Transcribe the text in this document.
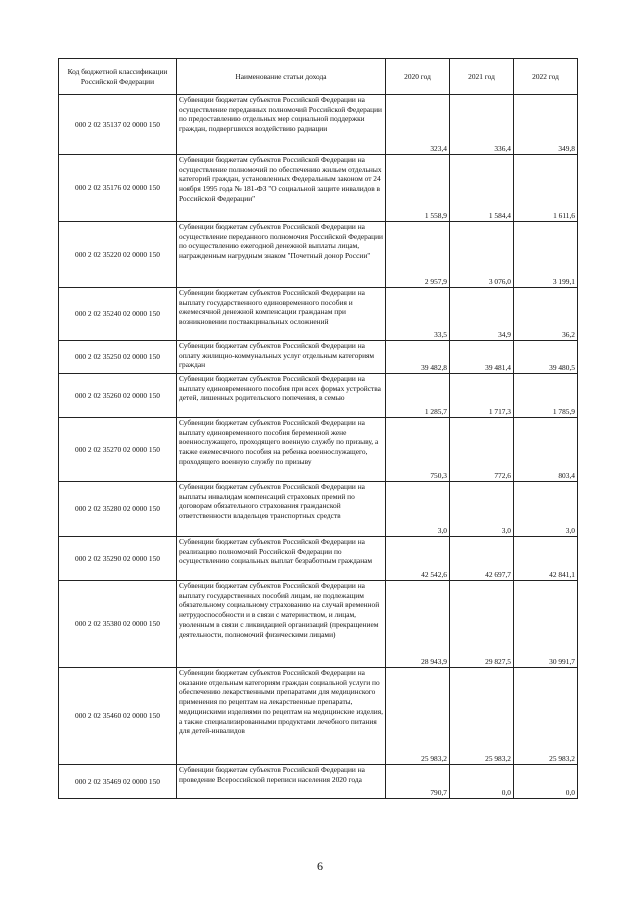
Код бюджетной классификации Российской Федерации	Наименование статьи дохода	2020 год	2021 год	2022 год
000 2 02 35137 02 0000 150	Субвенции бюджетам субъектов Российской Федерации на осуществление переданных полномочий Российской Федерации по предоставлению отдельных мер социальной поддержки граждан, подвергшихся воздействию радиации	323,4	336,4	349,8
000 2 02 35176 02 0000 150	Субвенции бюджетам субъектов Российской Федерации на осуществление полномочий по обеспечению жильем отдельных категорий граждан, установленных Федеральным законом от 24 ноября 1995 года № 181-ФЗ "О социальной защите инвалидов в Российской Федерации"	1 558,9	1 584,4	1 611,6
000 2 02 35220 02 0000 150	Субвенции бюджетам субъектов Российской Федерации на осуществление переданного полномочия Российской Федерации по осуществлению ежегодной денежной выплаты лицам, награжденным нагрудным знаком "Почетный донор России"	2 957,9	3 076,0	3 199,1
000 2 02 35240 02 0000 150	Субвенции бюджетам субъектов Российской Федерации на выплату государственного единовременного пособия и ежемесячной денежной компенсации гражданам при возникновении поствакцинальных осложнений	33,5	34,9	36,2
000 2 02 35250 02 0000 150	Субвенции бюджетам субъектов Российской Федерации на оплату жилищно-коммунальных услуг отдельным категориям граждан	39 482,8	39 481,4	39 480,5
000 2 02 35260 02 0000 150	Субвенции бюджетам субъектов Российской Федерации на выплату единовременного пособия при всех формах устройства детей, лишенных родительского попечения, в семью	1 285,7	1 717,3	1 785,9
000 2 02 35270 02 0000 150	Субвенции бюджетам субъектов Российской Федерации на выплату единовременного пособия беременной жене военнослужащего, проходящего военную службу по призыву, а также ежемесячного пособия на ребенка военнослужащего, проходящего военную службу по призыву	750,3	772,6	803,4
000 2 02 35280 02 0000 150	Субвенции бюджетам субъектов Российской Федерации на выплаты инвалидам компенсаций страховых премий по договорам обязательного страхования гражданской ответственности владельцев транспортных средств	3,0	3,0	3,0
000 2 02 35290 02 0000 150	Субвенции бюджетам субъектов Российской Федерации на реализацию полномочий Российской Федерации по осуществлению социальных выплат безработным гражданам	42 542,6	42 697,7	42 841,1
000 2 02 35380 02 0000 150	Субвенции бюджетам субъектов Российской Федерации на выплату государственных пособий лицам, не подлежащим обязательному социальному страхованию на случай временной нетрудоспособности и в связи с материнством, и лицам, уволенным в связи с ликвидацией организаций (прекращением деятельности, полномочий физическими лицами)	28 943,9	29 827,5	30 991,7
000 2 02 35460 02 0000 150	Субвенции бюджетам субъектов Российской Федерации на оказание отдельным категориям граждан социальной услуги по обеспечению лекарственными препаратами для медицинского применения по рецептам на лекарственные препараты, медицинскими изделиями по рецептам на медицинские изделия, а также специализированными продуктами лечебного питания для детей-инвалидов	25 983,2	25 983,2	25 983,2
000 2 02 35469 02 0000 150	Субвенции бюджетам субъектов Российской Федерации на проведение Всероссийской переписи населения 2020 года	790,7	0,0	0,0
6
